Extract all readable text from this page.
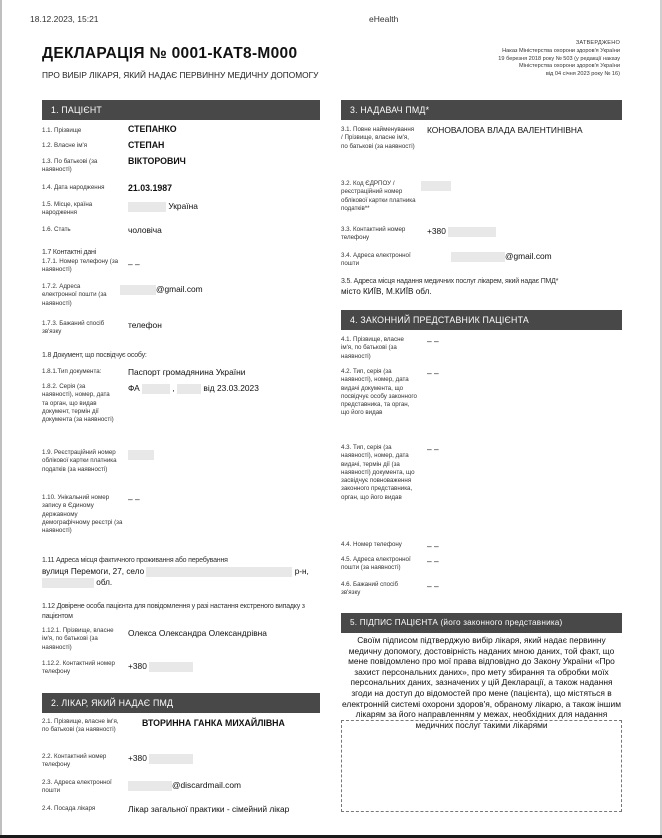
18.12.2023, 15:21	eHealth
ЗАТВЕРДЖЕНО
Наказ Міністерства охорони здоров'я України
19 березня 2018 року № 503 (у редакції наказу
Міністерства охорони здоров'я України
від 04 січня 2023 року № 16)
ДЕКЛАРАЦІЯ № 0001-КАТ8-М000
ПРО ВИБІР ЛІКАРЯ, ЯКИЙ НАДАЄ ПЕРВИННУ МЕДИЧНУ ДОПОМОГУ
1. ПАЦІЄНТ
1.1. Прізвище	СТЕПАНКО
1.2. Власне ім'я	СТЕПАН
1.3. По батькові (за наявності)
ВІКТОРОВИЧ
1.4. Дата народження	21.03.1987
1.5. Місце, країна народження
Україна
1.6. Стать	чоловіча
1.7 Контактні дані
1.7.1. Номер телефону (за наявності)
– –
1.7.2. Адреса електронної пошти (за наявності)
@gmail.com
1.7.3. Бажаний спосіб зв'язку
телефон
1.8 Документ, що посвідчує особу:
1.8.1.Тип документа:	Паспорт громадянина України
1.8.2. Серія (за наявності), номер, дата та орган, що видав документ, термін дії документа (за наявності)
ФА	,	від 23.03.2023
1.9. Реєстраційний номер облікової картки платника податків (за наявності)
1.10. Унікальний номер запису в Єдиному державному демографічному реєстрі (за наявності)
– –
1.11 Адреса місця фактичного проживання або перебування
вулиця Перемоги, 27, село	р-н,
обл.
1.12 Довірене особа пацієнта для повідомлення у разі настання екстреного випадку з пацієнтом
1.12.1. Прізвище, власне ім'я, по батькові (за наявності)
Олекса Олександра Олександрівна
1.12.2. Контактний номер телефону
+380
2. ЛІКАР, ЯКИЙ НАДАЄ ПМД
2.1. Прізвище, власне ім'я, по батькові (за наявності)
ВТОРИННА ГАНКА МИХАЙЛІВНА
2.2. Контактний номер телефону
+380
2.3. Адреса електронної пошти
@discardmail.com
2.4. Посада лікаря	Лікар загальної практики - сімейний лікар
3. НАДАВАЧ ПМД*
3.1. Повне найменування / Прізвище, власне ім'я, по батькові (за наявності)
КОНОВАЛОВА ВЛАДА ВАЛЕНТИНІВНА
3.2. Код ЄДРПОУ / реєстраційний номер облікової картки платника податків**
3.3. Контактний номер телефону
+380
3.4. Адреса електронної пошти
@gmail.com
3.5. Адреса місця надання медичних послуг лікарем, який надає ПМД*
місто КИЇВ, М.КИЇВ обл.
4. ЗАКОННИЙ ПРЕДСТАВНИК ПАЦІЄНТА
4.1. Прізвище, власне ім'я, по батькові (за наявності)
– –
4.2. Тип, серія (за наявності), номер, дата видачі документа, що посвідчує особу законного представника, та орган, що його видав
– –
4.3. Тип, серія (за наявності), номер, дата видачі, термін дії (за наявності) документа, що засвідчує повноваження законного представника, орган, що його видав
– –
4.4. Номер телефону	– –
4.5. Адреса електронної пошти (за наявності)
– –
4.6. Бажаний спосіб зв'язку
– –
5. ПІДПИС ПАЦІЄНТА (його законного представника)
Своїм підписом підтверджую вибір лікаря, який надає первинну медичну допомогу, достовірність наданих мною даних, той факт, що мене повідомлено про мої права відповідно до Закону України «Про захист персональних даних», про мету збирання та обробки моїх персональних даних, зазначених у цій Декларації, а також надання згоди на доступ до відомостей про мене (пацієнта), що містяться в електронній системі охорони здоров'я, обраному лікарю, а також іншим лікарям за його направленням у межах, необхідних для надання медичних послуг такими лікарями
